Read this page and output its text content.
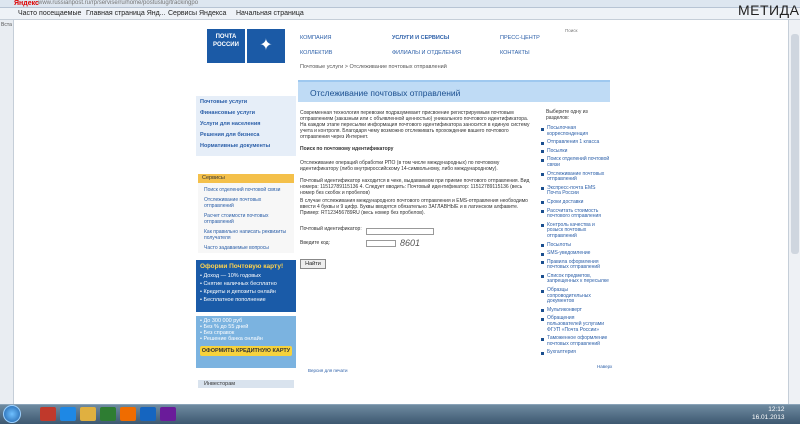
Яндекс www.russianpost.ru/rp/servise/ru/home/postuslug/trackingpo
Часто посещаемые Главная страница Янд... Сервисы Яндекса Начальная страница	МЕТИДА
Вста
ПОЧТА РОССИИ	✦	КОМПАНИЯ	УСЛУГИ И СЕРВИСЫ	ПРЕСС-ЦЕНТР
КОЛЛЕКТИВ	ФИЛИАЛЫ И ОТДЕЛЕНИЯ	КОНТАКТЫ
Поиск
Почтовые услуги > Отслеживание почтовых отправлений
Почтовые услуги
Финансовые услуги
Услуги для населения
Решения для бизнеса
Нормативные документы
Сервисы
Поиск отделений почтовой связи
Отслеживание почтовых отправлений
Расчет стоимости почтовых отправлений
Как правильно написать реквизиты получателя
Часто задаваемые вопросы
Оформи Почтовую карту!
• Доход — 10% годовых
• Снятие наличных бесплатно
• Кредиты и депозиты онлайн
• Бесплатное пополнение
• До 300 000 руб
• Без % до 55 дней
• Без справок
• Решение банка онлайн
ОФОРМИТЬ КРЕДИТНУЮ КАРТУ
Инвесторам
Отслеживание почтовых отправлений
Современная технология перевозки подразумевает присвоение регистрируемым почтовым отправлениям (заказным или с объявленной ценностью) уникального почтового идентификатора. На каждом этапе пересылки информация почтового идентификатора заносится в единую систему учета и контроля. Благодаря чему возможно отслеживать прохождение вашего почтового отправления через Интернет.
Поиск по почтовому идентификатору
Отслеживание операций обработки РПО (в том числе международных) по почтовому идентификатору (либо внутрироссийскому 14-символьному, либо международному).
Почтовый идентификатор находится в чеке, выдаваемом при приеме почтового отправления. Вид номера: 11512789115136 4. Следует вводить: Почтовый идентификатор: 11512789115136 (весь номер без скобок и пробелов)
В случае отслеживания международного почтового отправления и EMS-отправления необходимо ввести 4 буквы и 9 цифр. Буквы вводятся обязательно ЗАГЛАВНЫЕ и в латинском алфавите. Пример: RT123456789RU (весь номер без пробелов).
Почтовый идентификатор:
Введите код:	8601
Найти
Версия для печати
Наверх
Выберите одну из разделов:
Посылочная корреспонденция
Отправления 1 класса
Посылки
Поиск отделений почтовой связи
Отслеживание почтовых отправлений
Экспресс-почта EMS Почта России
Сроки доставки
Рассчитать стоимость почтового отправления
Контроль качества и розыск почтовых отправлений
Посылоты
SMS-уведомление
Правила оформления почтовых отправлений
Список предметов, запрещенных к пересылке
Образцы сопроводительных документов
Мультиконверт
Обращения пользователей услугами ФГУП «Почта России»
Таможенное оформление почтовых отправлений
Бухгалтерия
RECOMMEND.RU
12:12
16.01.2013
